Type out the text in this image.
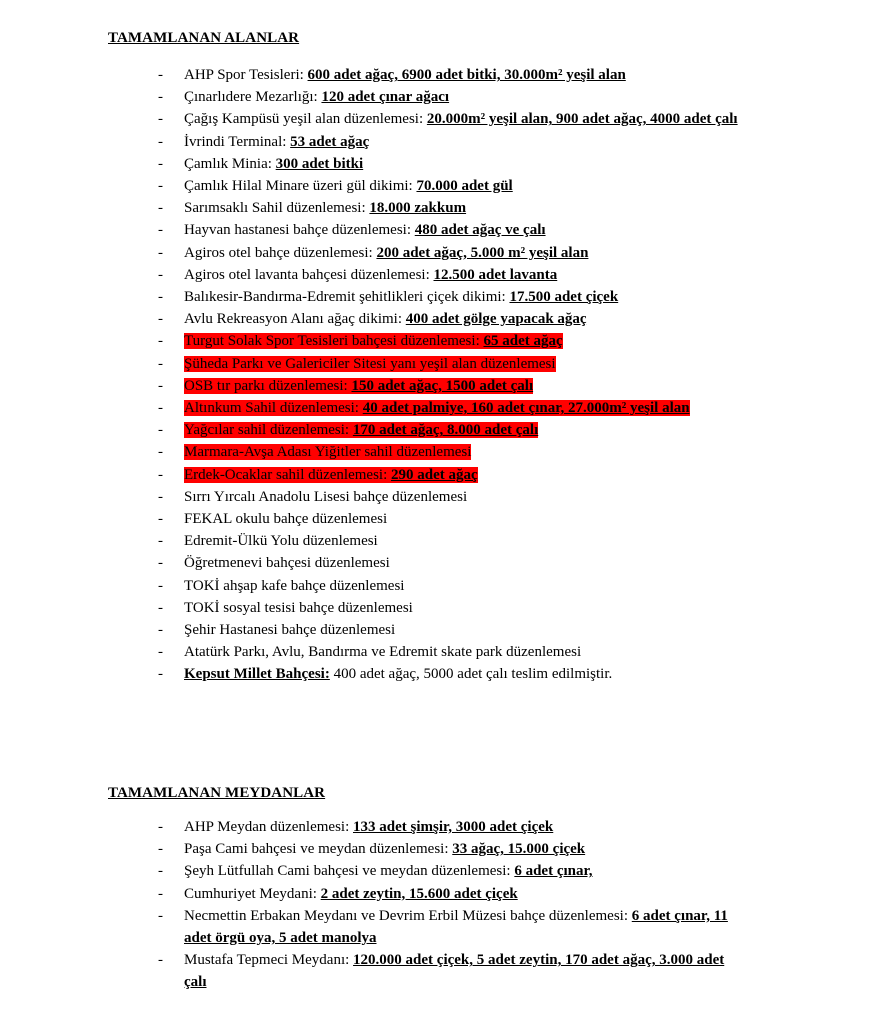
TAMAMLANAN ALANLAR
- AHP Spor Tesisleri: 600 adet ağaç, 6900 adet bitki, 30.000m² yeşil alan
- Çınarlıdere Mezarlığı: 120 adet çınar ağacı
- Çağış Kampüsü yeşil alan düzenlemesi: 20.000m² yeşil alan, 900 adet ağaç, 4000 adet çalı
- İvrindi Terminal: 53 adet ağaç
- Çamlık Minia: 300 adet bitki
- Çamlık Hilal Minare üzeri gül dikimi: 70.000 adet gül
- Sarımsaklı Sahil düzenlemesi: 18.000 zakkum
- Hayvan hastanesi bahçe düzenlemesi: 480 adet ağaç ve çalı
- Agiros otel bahçe düzenlemesi: 200 adet ağaç, 5.000 m² yeşil alan
- Agiros otel lavanta bahçesi düzenlemesi: 12.500 adet lavanta
- Balıkesir-Bandırma-Edremit şehitlikleri çiçek dikimi: 17.500 adet çiçek
- Avlu Rekreasyon Alanı ağaç dikimi: 400 adet gölge yapacak ağaç
- Turgut Solak Spor Tesisleri bahçesi düzenlemesi: 65 adet ağaç
- Şüheda Parkı ve Galericiler Sitesi yanı yeşil alan düzenlemesi
- OSB tır parkı düzenlemesi: 150 adet ağaç, 1500 adet çalı
- Altınkum Sahil düzenlemesi: 40 adet palmiye, 160 adet çınar, 27.000m² yeşil alan
- Yağcılar sahil düzenlemesi: 170 adet ağaç, 8.000 adet çalı
- Marmara-Avşa Adası Yiğitler sahil düzenlemesi
- Erdek-Ocaklar sahil düzenlemesi: 290 adet ağaç
- Sırrı Yırcalı Anadolu Lisesi bahçe düzenlemesi
- FEKAL okulu bahçe düzenlemesi
- Edremit-Ülkü Yolu düzenlemesi
- Öğretmenevi bahçesi düzenlemesi
- TOKİ ahşap kafe bahçe düzenlemesi
- TOKİ sosyal tesisi bahçe düzenlemesi
- Şehir Hastanesi bahçe düzenlemesi
- Atatürk Parkı, Avlu, Bandırma ve Edremit skate park düzenlemesi
- Kepsut Millet Bahçesi: 400 adet ağaç, 5000 adet çalı teslim edilmiştir.
TAMAMLANAN MEYDANLAR
- AHP Meydan düzenlemesi: 133 adet şimşir, 3000 adet çiçek
- Paşa Cami bahçesi ve meydan düzenlemesi: 33 ağaç, 15.000 çiçek
- Şeyh Lütfullah Cami bahçesi ve meydan düzenlemesi: 6 adet çınar,
- Cumhuriyet Meydani: 2 adet zeytin, 15.600 adet çiçek
- Necmettin Erbakan Meydanı ve Devrim Erbil Müzesi bahçe düzenlemesi: 6 adet çınar, 11 adet örgü oya, 5 adet manolya
- Mustafa Tepmeci Meydanı: 120.000 adet çiçek, 5 adet zeytin, 170 adet ağaç, 3.000 adet çalı
